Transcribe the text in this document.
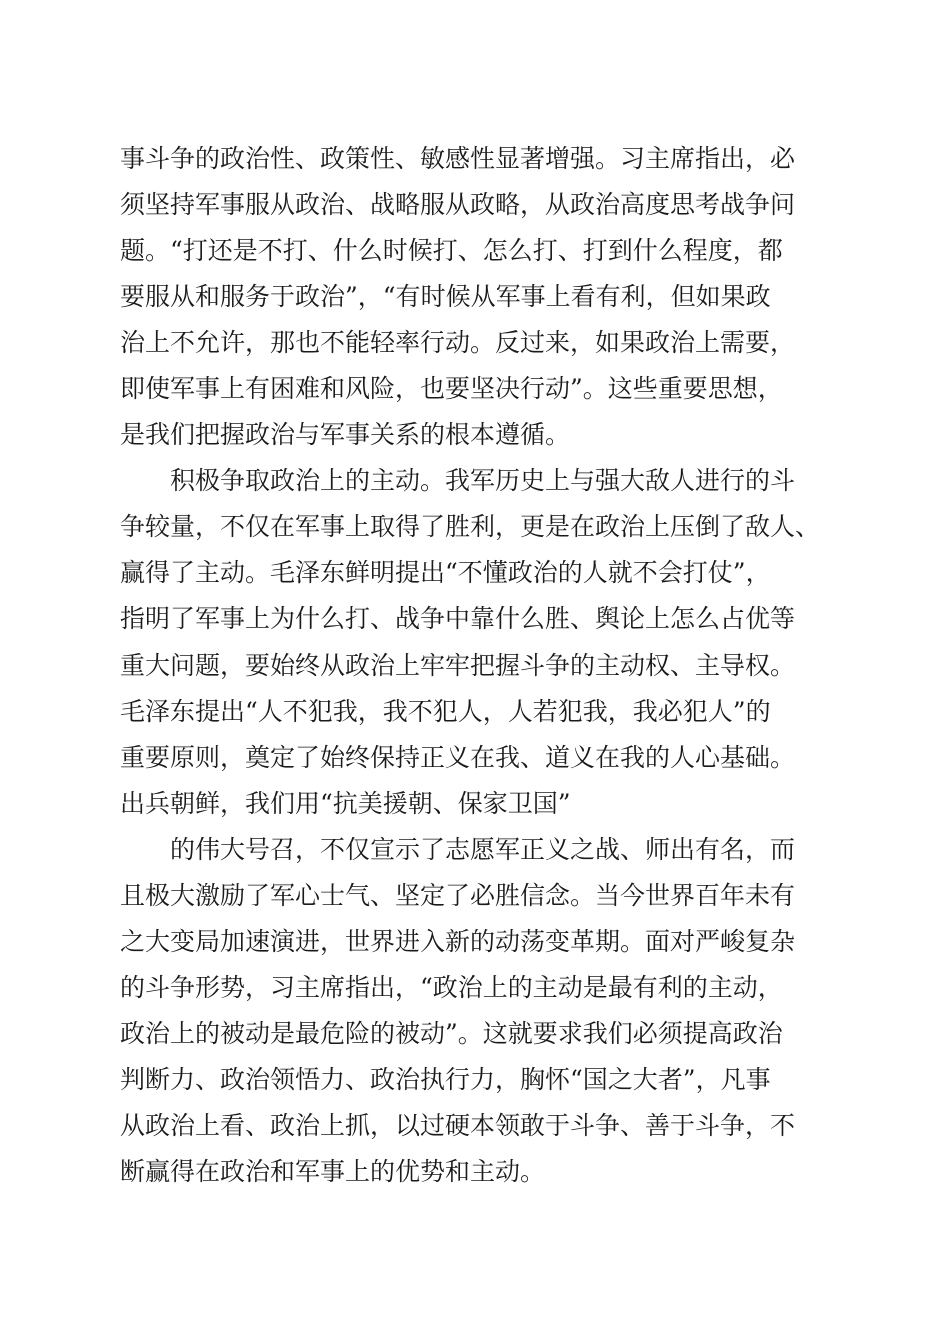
事斗争的政治性、政策性、敏感性显著增强。习主席指出，必
须坚持军事服从政治、战略服从政略，从政治高度思考战争问
题。“打还是不打、什么时候打、怎么打、打到什么程度，都
要服从和服务于政治”，“有时候从军事上看有利，但如果政
治上不允许，那也不能轻率行动。反过来，如果政治上需要，
即使军事上有困难和风险，也要坚决行动”。这些重要思想，
是我们把握政治与军事关系的根本遵循。
积极争取政治上的主动。我军历史上与强大敌人进行的斗
争较量，不仅在军事上取得了胜利，更是在政治上压倒了敌人、
赢得了主动。毛泽东鲜明提出“不懂政治的人就不会打仗”，
指明了军事上为什么打、战争中靠什么胜、舆论上怎么占优等
重大问题，要始终从政治上牢牢把握斗争的主动权、主导权。
毛泽东提出“人不犯我，我不犯人，人若犯我，我必犯人”的
重要原则，奠定了始终保持正义在我、道义在我的人心基础。
出兵朝鲜，我们用“抗美援朝、保家卫国”
的伟大号召，不仅宣示了志愿军正义之战、师出有名，而
且极大激励了军心士气、坚定了必胜信念。当今世界百年未有
之大变局加速演进，世界进入新的动荡变革期。面对严峻复杂
的斗争形势，习主席指出，“政治上的主动是最有利的主动，
政治上的被动是最危险的被动”。这就要求我们必须提高政治
判断力、政治领悟力、政治执行力，胸怀“国之大者”，凡事
从政治上看、政治上抓，以过硬本领敢于斗争、善于斗争，不
断赢得在政治和军事上的优势和主动。
